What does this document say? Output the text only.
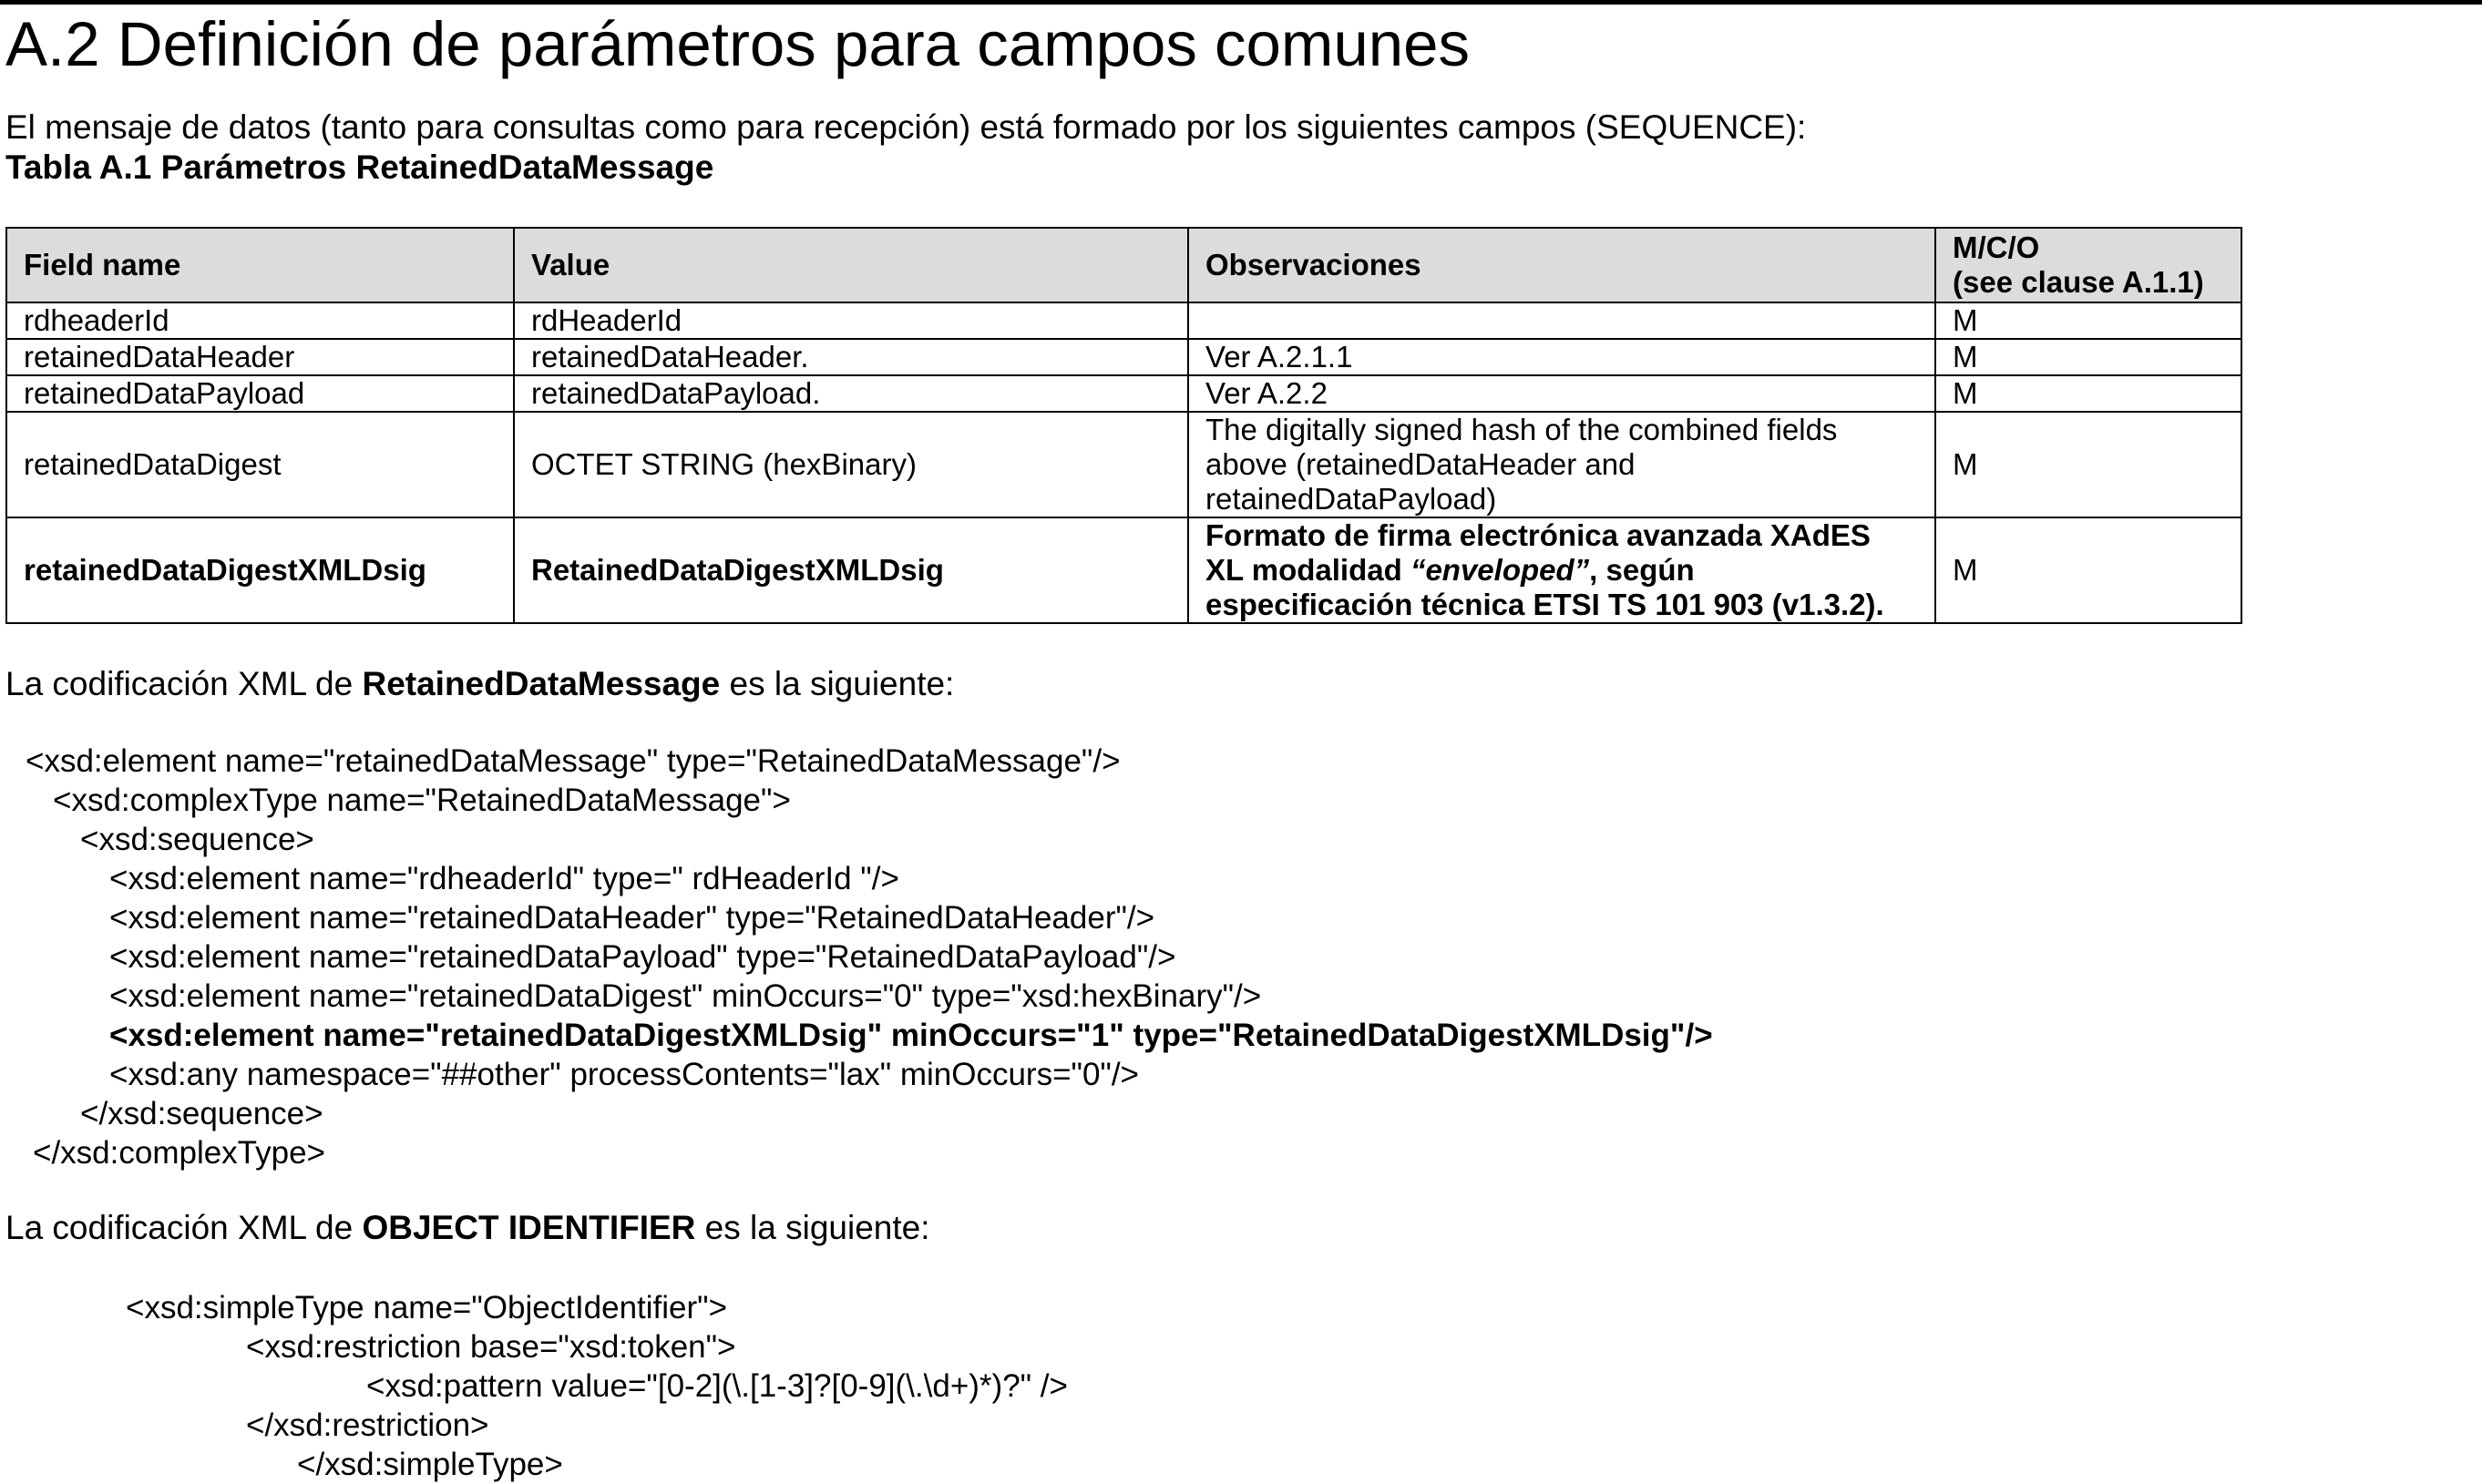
A.2 Definición de parámetros para campos comunes

El mensaje de datos (tanto para consultas como para recepción) está formado por los siguientes campos (SEQUENCE):

Tabla A.1 Parámetros RetainedDataMessage
Field name	Value	Observaciones	M/C/O
(see clause A.1.1)
rdheaderId	rdHeaderId		M
retainedDataHeader	retainedDataHeader.	Ver A.2.1.1	M
retainedDataPayload	retainedDataPayload.	Ver A.2.2	M
retainedDataDigest	OCTET STRING (hexBinary)	The digitally signed hash of the combined fields
above (retainedDataHeader and
retainedDataPayload)	M
retainedDataDigestXMLDsig	RetainedDataDigestXMLDsig	Formato de firma electrónica avanzada XAdES
XL modalidad “enveloped”, según
especificación técnica ETSI TS 101 903 (v1.3.2).	M
La codificación XML de RetainedDataMessage es la siguiente:
<xsd:element name="retainedDataMessage" type="RetainedDataMessage"/>
<xsd:complexType name="RetainedDataMessage">
<xsd:sequence>
<xsd:element name="rdheaderId" type=" rdHeaderId "/>
<xsd:element name="retainedDataHeader" type="RetainedDataHeader"/>
<xsd:element name="retainedDataPayload" type="RetainedDataPayload"/>
<xsd:element name="retainedDataDigest" minOccurs="0" type="xsd:hexBinary"/>
<xsd:element name="retainedDataDigestXMLDsig" minOccurs="1" type="RetainedDataDigestXMLDsig"/>
<xsd:any namespace="##other" processContents="lax" minOccurs="0"/>
</xsd:sequence>
</xsd:complexType>
La codificación XML de OBJECT IDENTIFIER es la siguiente:
<xsd:simpleType name="ObjectIdentifier">
<xsd:restriction base="xsd:token">
<xsd:pattern value="[0-2](\.[1-3]?[0-9](\.\d+)*)?" />
</xsd:restriction>
</xsd:simpleType>
